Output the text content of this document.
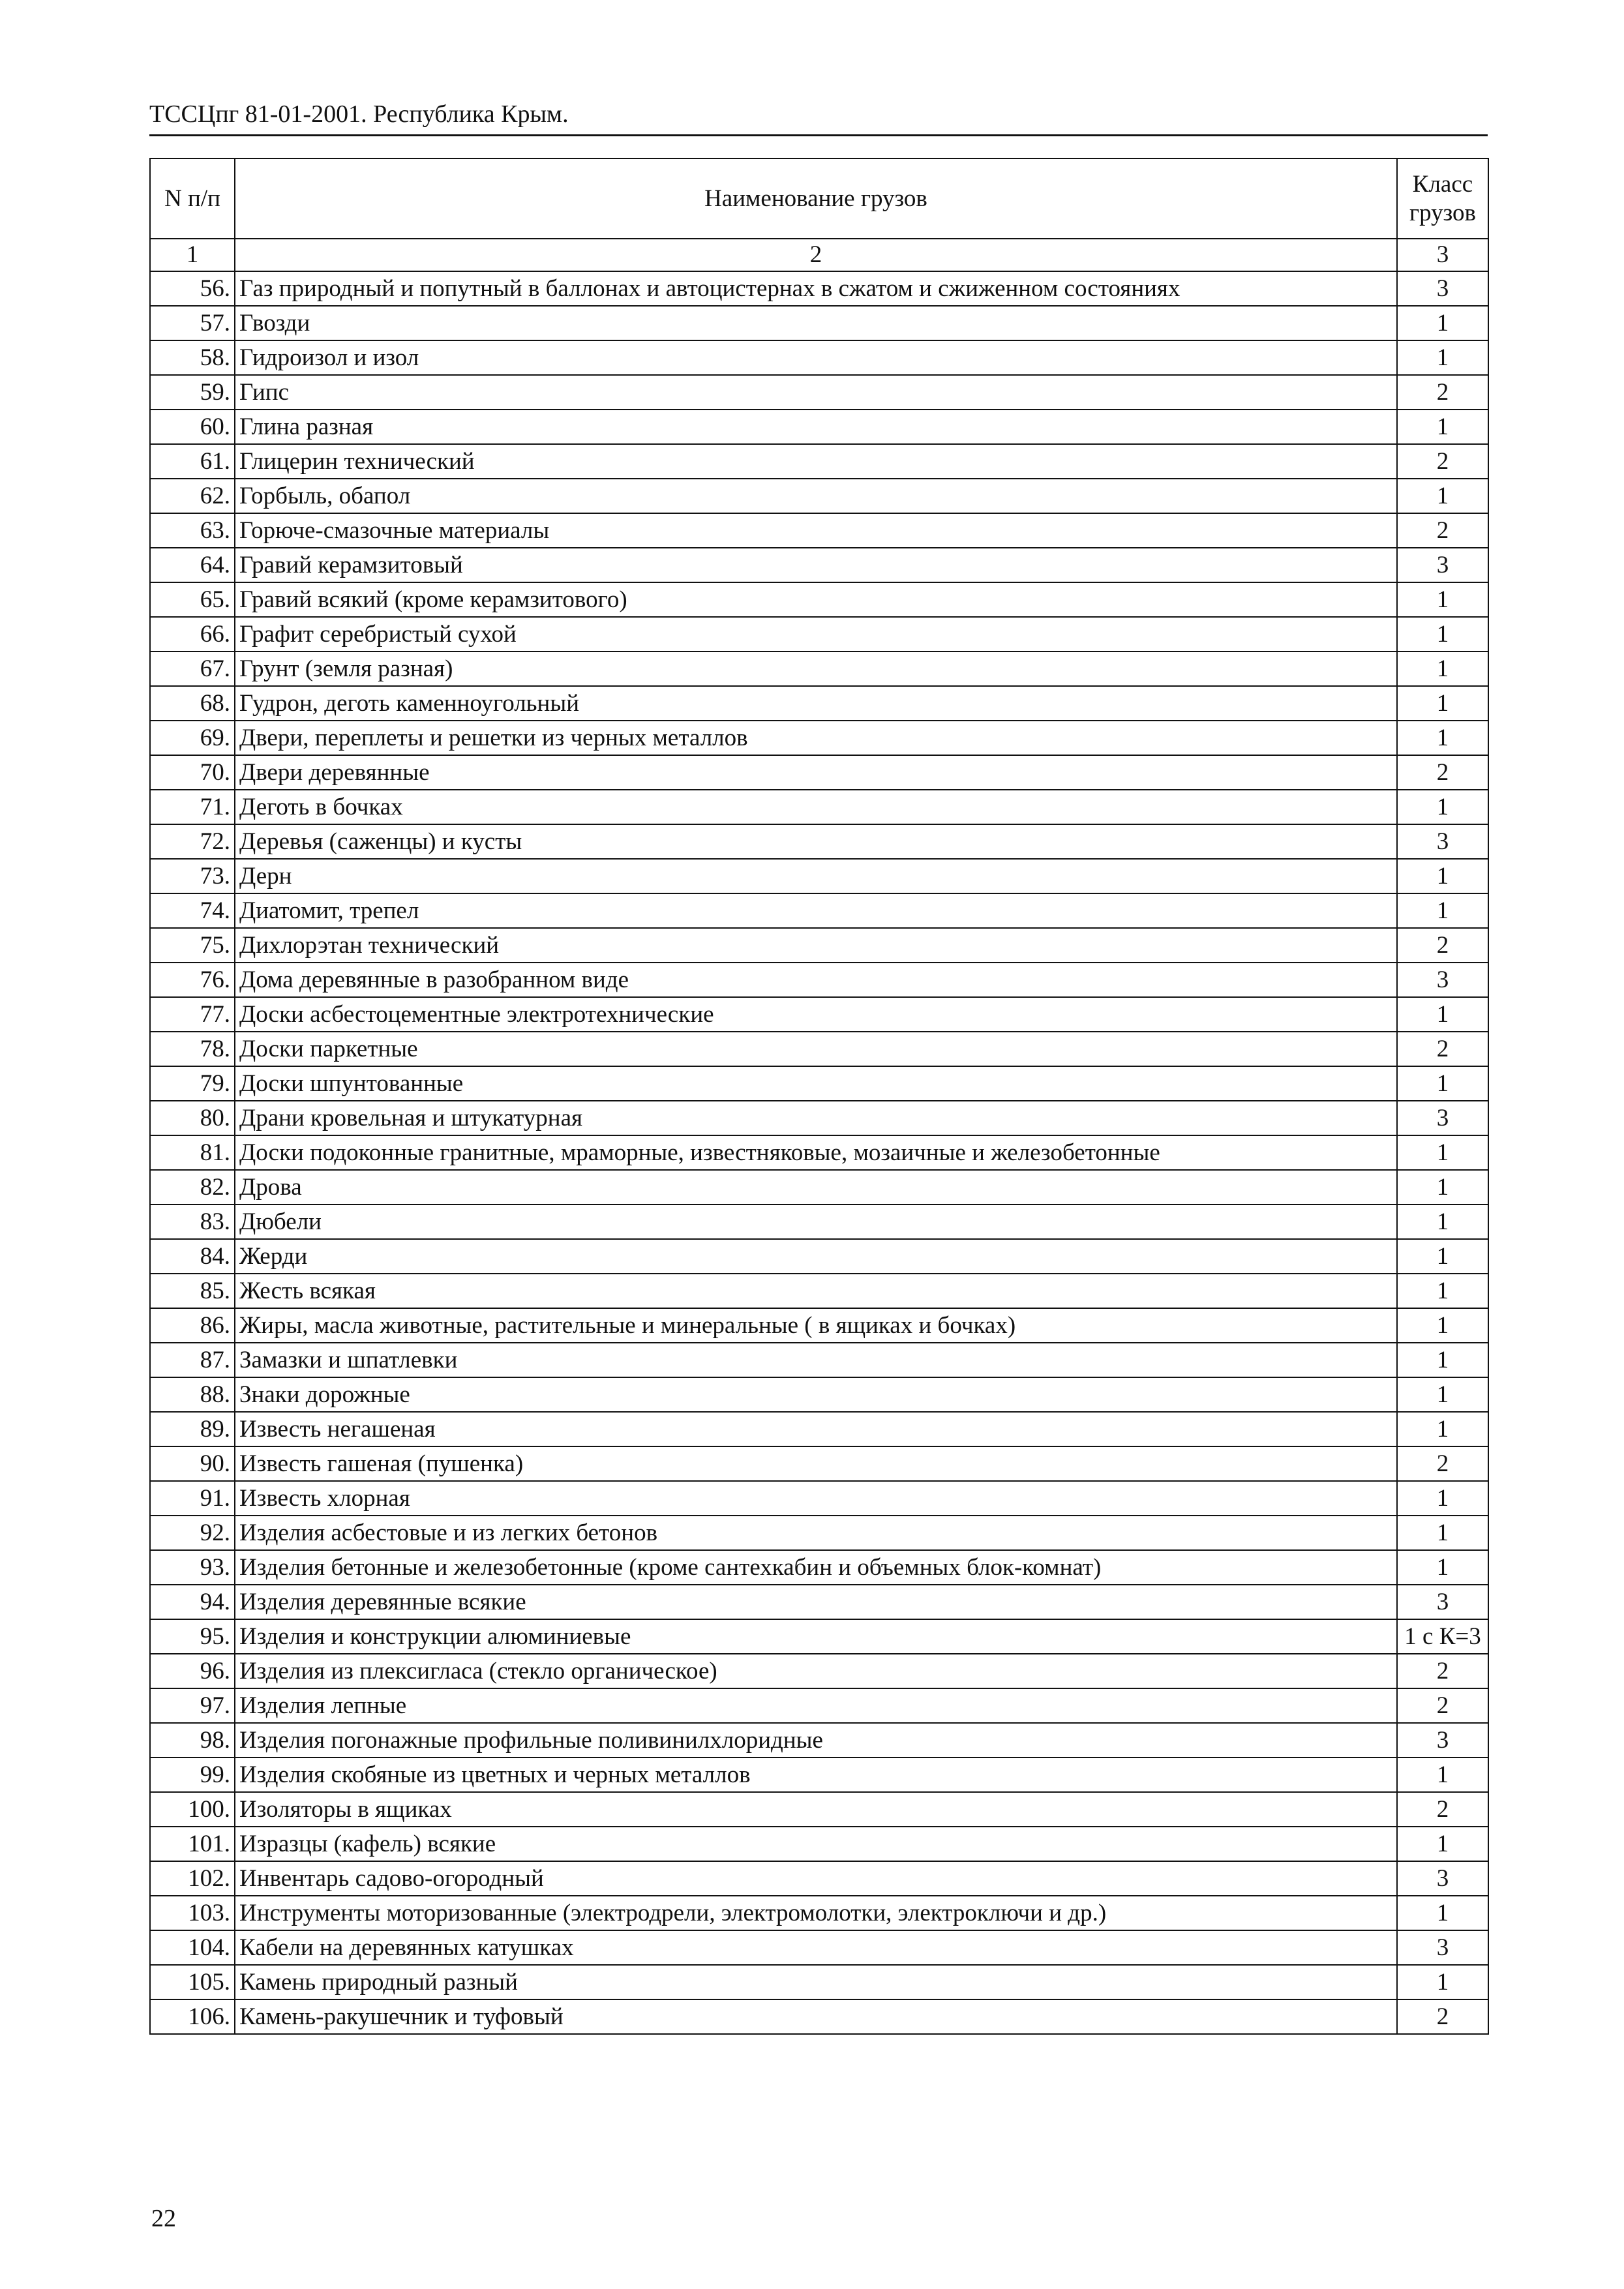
ТССЦпг 81-01-2001. Республика Крым.
N п/п	Наименование грузов	Класс грузов
1	2	3
56.	Газ природный и попутный в баллонах и автоцистернах в сжатом и сжиженном состояниях	3
57.	Гвозди	1
58.	Гидроизол и изол	1
59.	Гипс	2
60.	Глина разная	1
61.	Глицерин технический	2
62.	Горбыль, обапол	1
63.	Горюче-смазочные материалы	2
64.	Гравий керамзитовый	3
65.	Гравий всякий (кроме керамзитового)	1
66.	Графит серебристый сухой	1
67.	Грунт (земля разная)	1
68.	Гудрон, деготь каменноугольный	1
69.	Двери, переплеты и решетки из черных металлов	1
70.	Двери деревянные	2
71.	Деготь в бочках	1
72.	Деревья (саженцы) и кусты	3
73.	Дерн	1
74.	Диатомит, трепел	1
75.	Дихлорэтан технический	2
76.	Дома деревянные в разобранном виде	3
77.	Доски асбестоцементные электротехнические	1
78.	Доски паркетные	2
79.	Доски шпунтованные	1
80.	Драни кровельная и штукатурная	3
81.	Доски подоконные гранитные, мраморные, известняковые, мозаичные и железобетонные	1
82.	Дрова	1
83.	Дюбели	1
84.	Жерди	1
85.	Жесть всякая	1
86.	Жиры, масла животные, растительные и минеральные ( в ящиках и бочках)	1
87.	Замазки и шпатлевки	1
88.	Знаки дорожные	1
89.	Известь негашеная	1
90.	Известь гашеная (пушенка)	2
91.	Известь хлорная	1
92.	Изделия асбестовые и из легких бетонов	1
93.	Изделия бетонные и железобетонные (кроме сантехкабин и объемных блок-комнат)	1
94.	Изделия деревянные всякие	3
95.	Изделия и конструкции алюминиевые	1 с К=3
96.	Изделия из плексигласа (стекло органическое)	2
97.	Изделия лепные	2
98.	Изделия погонажные профильные поливинилхлоридные	3
99.	Изделия скобяные из цветных и черных металлов	1
100.	Изоляторы в ящиках	2
101.	Изразцы (кафель) всякие	1
102.	Инвентарь садово-огородный	3
103.	Инструменты моторизованные (электродрели, электромолотки, электроключи и др.)	1
104.	Кабели на деревянных катушках	3
105.	Камень природный разный	1
106.	Камень-ракушечник и туфовый	2
22
